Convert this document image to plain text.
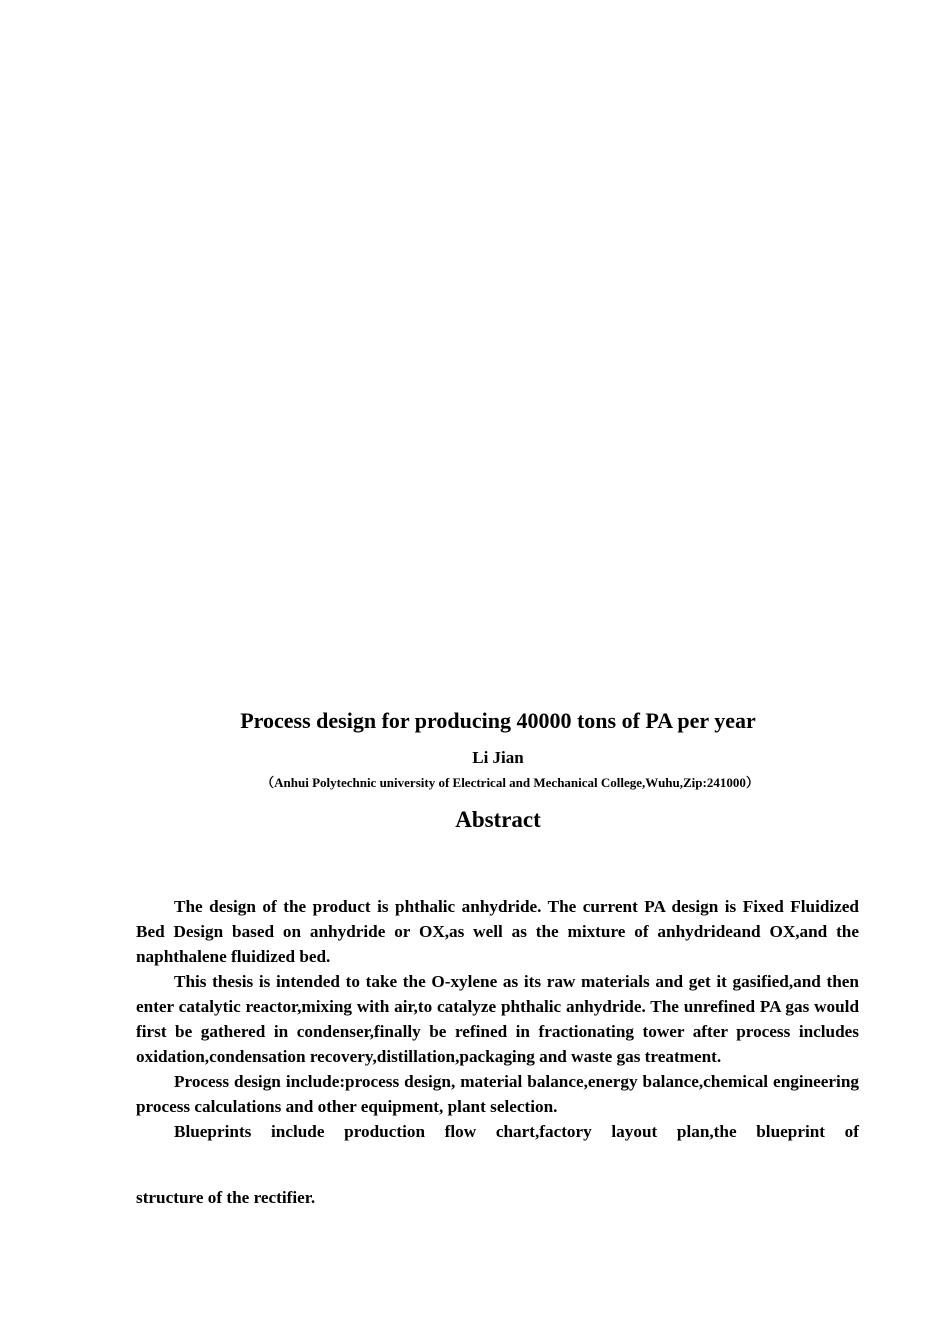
Process design for producing 40000 tons of PA per year
Li Jian
（Anhui Polytechnic university of Electrical and Mechanical College,Wuhu,Zip:241000）
Abstract

The design of the product is phthalic anhydride. The current PA design is Fixed Fluidized Bed Design based on anhydride or OX,as well as the mixture of anhydrideand OX,and the naphthalene fluidized bed.

This thesis is intended to take the O-xylene as its raw materials and get it gasified,and then enter catalytic reactor,mixing with air,to catalyze phthalic anhydride. The unrefined PA gas would first be gathered in condenser,finally be refined in fractionating tower after process includes oxidation,condensation recovery,distillation,packaging and waste gas treatment.

Process design include:process design, material balance,energy balance,chemical engineering process calculations and other equipment, plant selection.

Blueprints include production flow chart,factory layout plan,the blueprint of

structure of the rectifier.
